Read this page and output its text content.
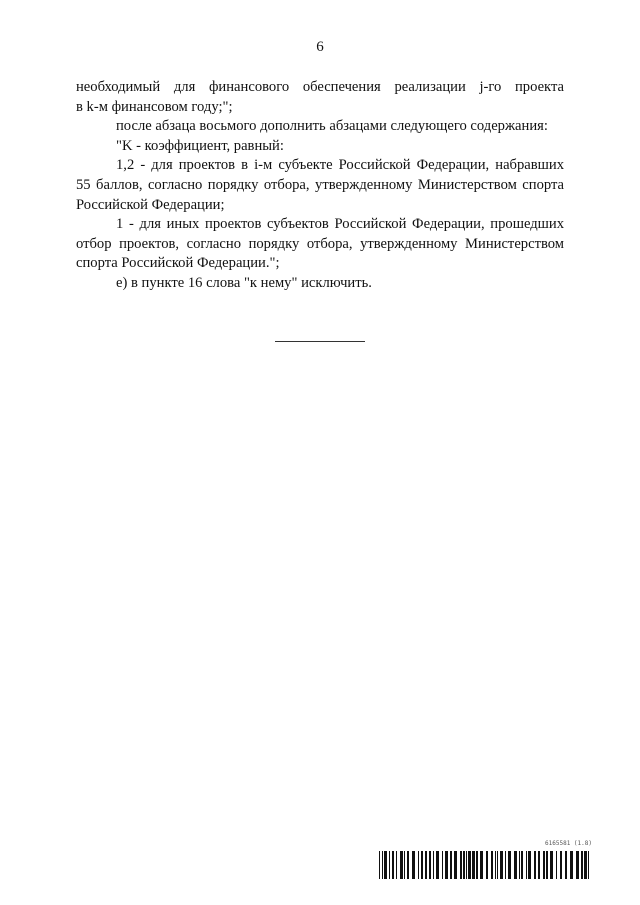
6
необходимый для финансового обеспечения реализации j-го проекта
в k-м финансовом году;";
после абзаца восьмого дополнить абзацами следующего содержания:
"K - коэффициент, равный:
1,2 - для проектов в i-м субъекте Российской Федерации, набравших
55 баллов, согласно порядку отбора, утвержденному Министерством спорта
Российской Федерации;
1 - для иных проектов субъектов Российской Федерации, прошедших
отбор проектов, согласно порядку отбора, утвержденному Министерством
спорта Российской Федерации.";
е) в пункте 16 слова "к нему" исключить.
6165581 (1.8)
